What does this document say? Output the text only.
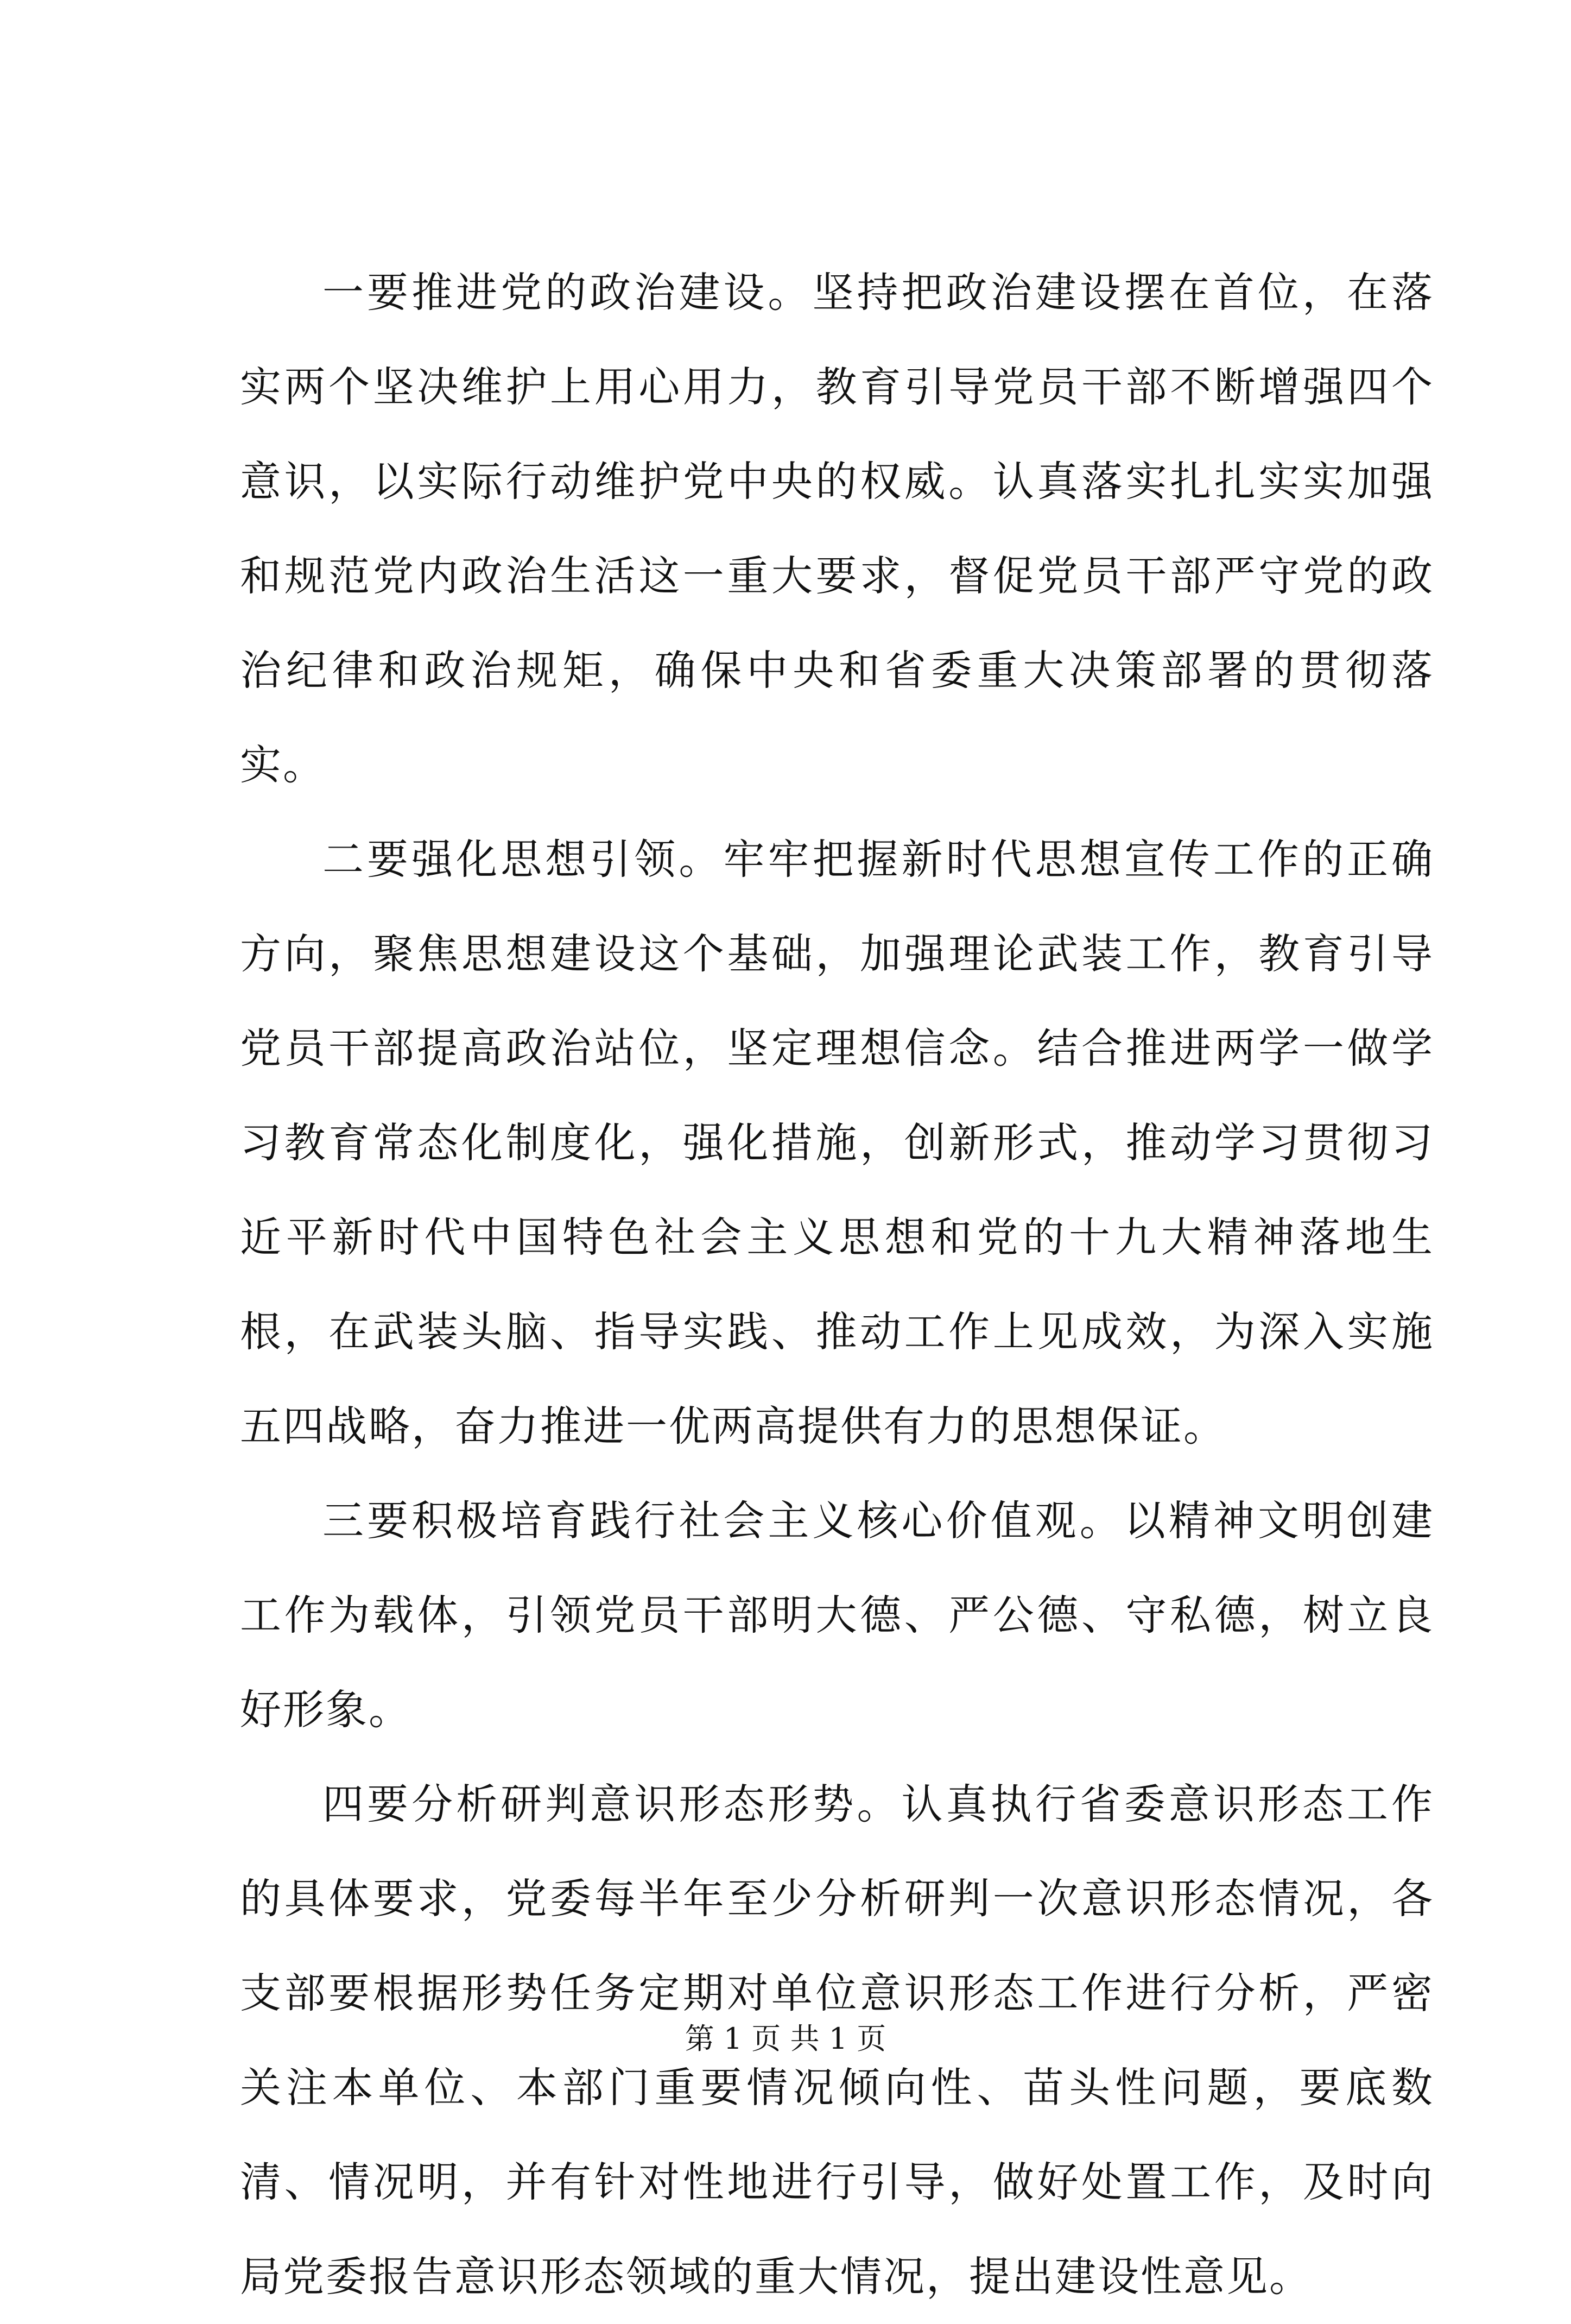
一要推进党的政治建设。坚持把政治建设摆在首位，在落实两个坚决维护上用心用力，教育引导党员干部不断增强四个意识，以实际行动维护党中央的权威。认真落实扎扎实实加强和规范党内政治生活这一重大要求，督促党员干部严守党的政治纪律和政治规矩，确保中央和省委重大决策部署的贯彻落实。

二要强化思想引领。牢牢把握新时代思想宣传工作的正确方向，聚焦思想建设这个基础，加强理论武装工作，教育引导党员干部提高政治站位，坚定理想信念。结合推进两学一做学习教育常态化制度化，强化措施，创新形式，推动学习贯彻习近平新时代中国特色社会主义思想和党的十九大精神落地生根，在武装头脑、指导实践、推动工作上见成效，为深入实施五四战略，奋力推进一优两高提供有力的思想保证。

三要积极培育践行社会主义核心价值观。以精神文明创建工作为载体，引领党员干部明大德、严公德、守私德，树立良好形象。

四要分析研判意识形态形势。认真执行省委意识形态工作的具体要求，党委每半年至少分析研判一次意识形态情况，各支部要根据形势任务定期对单位意识形态工作进行分析，严密关注本单位、本部门重要情况倾向性、苗头性问题，要底数清、情况明，并有针对性地进行引导，做好处置工作，及时向局党委报告意识形态领域的重大情况，提出建设性意见。

第 1 页 共 1 页
